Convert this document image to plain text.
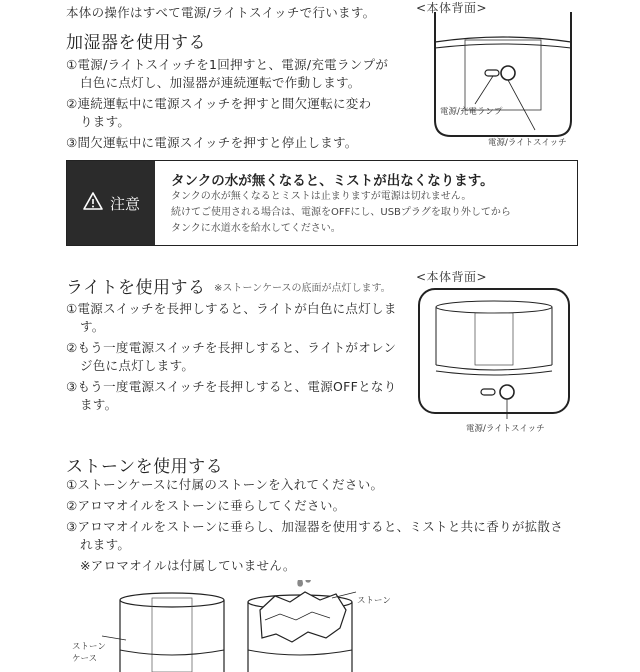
本体の操作はすべて電源/ライトスイッチで行います。	<本体背面>
加湿器を使用する
①電源/ライトスイッチを1回押すと、電源/充電ランプが
白色に点灯し、加湿器が連続運転で作動します。
②連続運転中に電源スイッチを押すと間欠運転に変わ
ります。
③間欠運転中に電源スイッチを押すと停止します。
電源/充電ランプ
電源/ライトスイッチ
注意
タンクの水が無くなると、ミストが出なくなります。
タンクの水が無くなるとミストは止まりますが電源は切れません。
続けてご使用される場合は、電源をOFFにし、USBプラグを取り外してから
タンクに水道水を給水してください。
ライトを使用する ※ストーンケースの底面が点灯します。
<本体背面>
①電源スイッチを長押しすると、ライトが白色に点灯しま
す。
②もう一度電源スイッチを長押しすると、ライトがオレン
ジ色に点灯します。
③もう一度電源スイッチを長押しすると、電源OFFとなり
ます。
電源/ライトスイッチ
ストーンを使用する
①ストーンケースに付属のストーンを入れてください。
②アロマオイルをストーンに垂らしてください。
③アロマオイルをストーンに垂らし、加湿器を使用すると、ミストと共に香りが拡散さ
れます。
※アロマオイルは付属していません。
ストーン
ケース
ストーン
